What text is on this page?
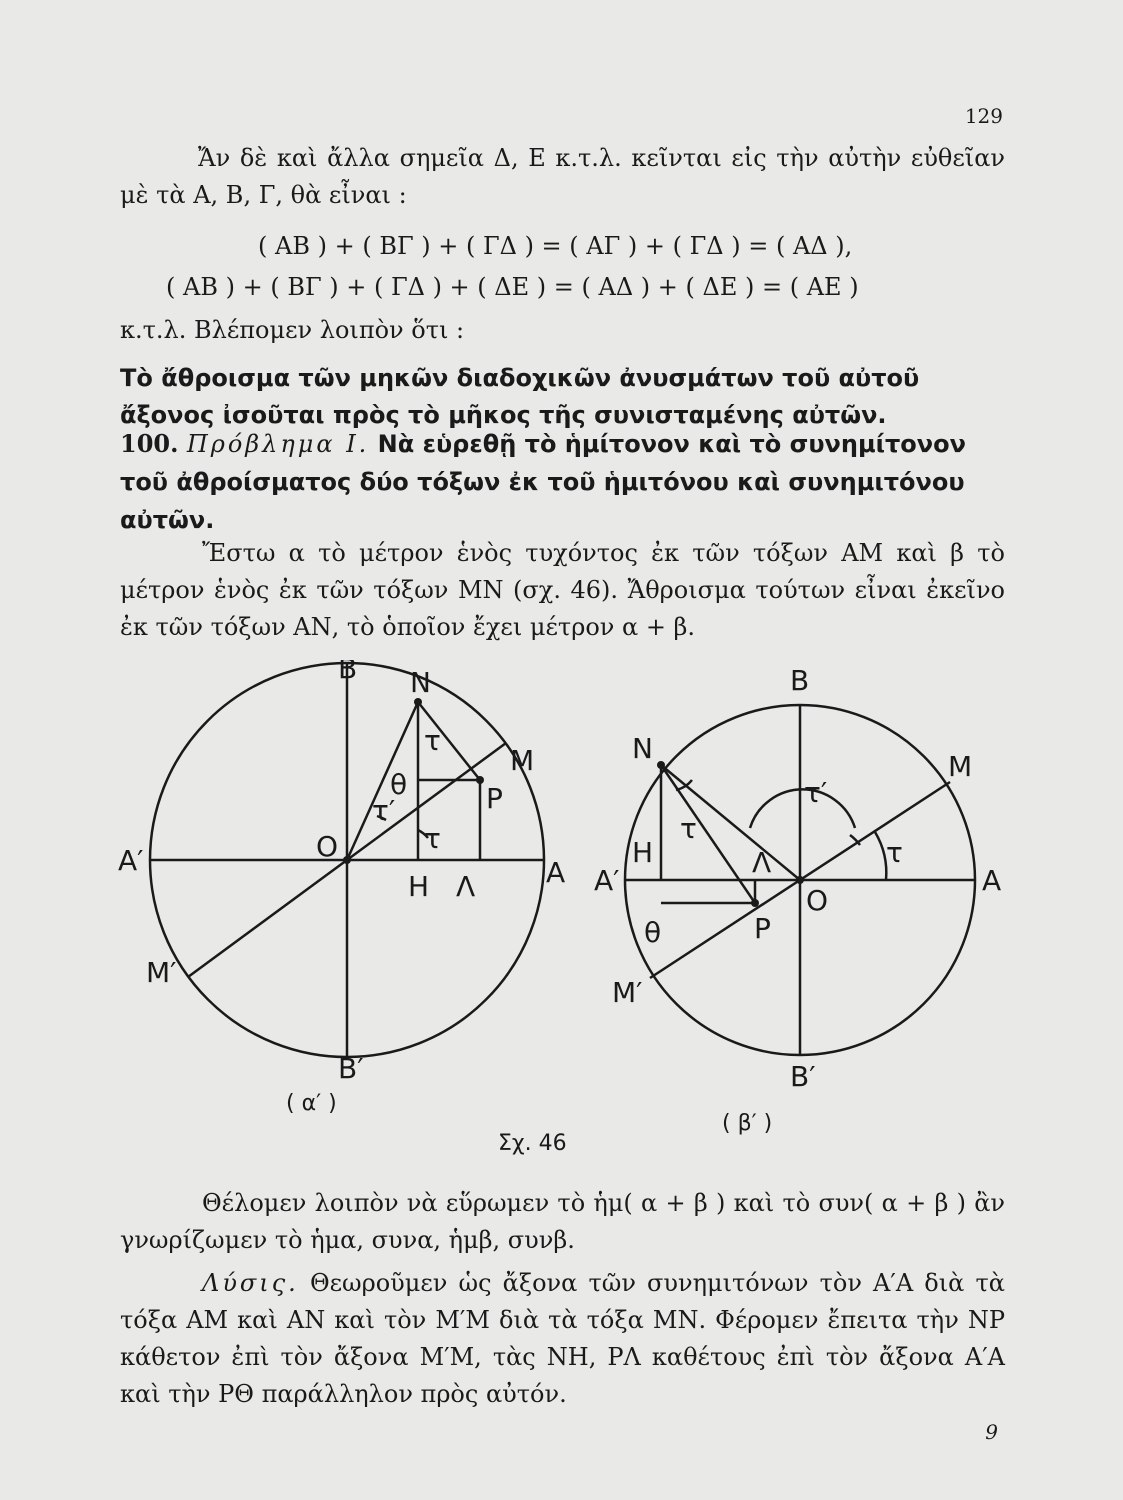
129

Ἄν δὲ καὶ ἄλλα σημεῖα Δ, Ε κ.τ.λ. κεῖνται εἰς τὴν αὐτὴν εὐθεῖαν μὲ τὰ Α, Β, Γ, θὰ εἶναι :

( ΑΒ ) + ( ΒΓ ) + ( ΓΔ ) = ( ΑΓ ) + ( ΓΔ ) = ( ΑΔ ),
( ΑΒ ) + ( ΒΓ ) + ( ΓΔ ) + ( ΔΕ ) = ( ΑΔ ) + ( ΔΕ ) = ( ΑΕ )
κ.τ.λ. Βλέπομεν λοιπὸν ὅτι :
Τὸ ἄθροισμα τῶν μηκῶν διαδοχικῶν ἀνυσμάτων τοῦ αὐτοῦ ἄξονος ἰσοῦται πρὸς τὸ μῆκος τῆς συνισταμένης αὐτῶν.
100. Πρόβλημα Ι. Νὰ εὑρεθῇ τὸ ἡμίτονον καὶ τὸ συνημίτονον τοῦ ἀθροίσματος δύο τόξων ἐκ τοῦ ἡμιτόνου καὶ συνημιτόνου αὐτῶν.

Ἔστω α τὸ μέτρον ἑνὸς τυχόντος ἐκ τῶν τόξων ΑΜ καὶ β τὸ μέτρον ἑνὸς ἐκ τῶν τόξων ΜΝ (σχ. 46). Ἄθροισμα τούτων εἶναι ἐκεῖνο ἐκ τῶν τόξων ΑΝ, τὸ ὁποῖον ἔχει μέτρον α + β.

B N
M
A
A′
M′
B′
O
P
H Λ
θ
τ
τ
τ′
( α′ )
B
N
M
A
A′
M′
B′
O
P
H	Λ
θ
τ
τ
τ′
( β′ )
Σχ. 46

Θέλομεν λοιπὸν νὰ εὕρωμεν τὸ ἡμ( α + β ) καὶ τὸ συν( α + β ) ἂν γνωρίζωμεν τὸ ἡμα, συνα, ἡμβ, συνβ.

Λύσις. Θεωροῦμεν ὡς ἄξονα τῶν συνημιτόνων τὸν Α′Α διὰ τὰ τόξα ΑΜ καὶ ΑΝ καὶ τὸν Μ′Μ διὰ τὰ τόξα ΜΝ. Φέρομεν ἔπειτα τὴν ΝΡ κάθετον ἐπὶ τὸν ἄξονα Μ′Μ, τὰς ΝΗ, ΡΛ καθέτους ἐπὶ τὸν ἄξονα Α′Α καὶ τὴν ΡΘ παράλληλον πρὸς αὐτόν.

9
